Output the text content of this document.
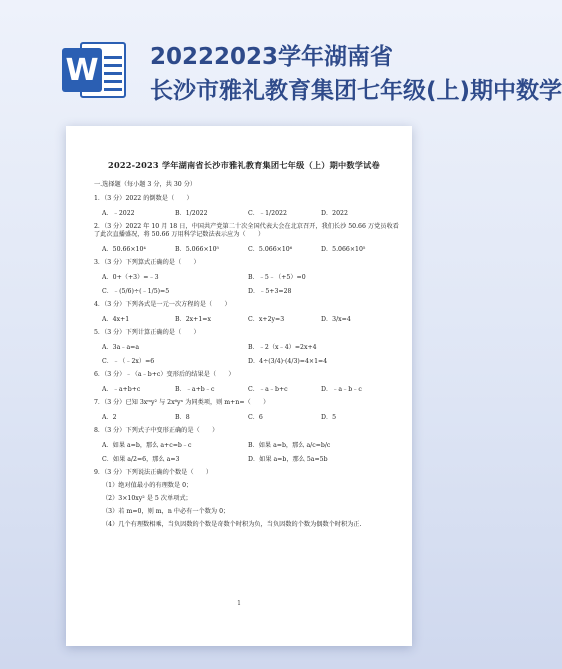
W 20222023学年湖南省
长沙市雅礼教育集团七年级(上)期中数学

2022-2023 学年湖南省长沙市雅礼教育集团七年级（上）期中数学试卷

一.选择题（每小题 3 分，共 30 分）

1．（3 分）2022 的倒数是（　　）

A．﹣2022	B．1/2022	C．﹣1/2022	D．2022

2．（3 分）2022 年 10 月 18 日，中国共产党第二十次全国代表大会在北京召开，我们长沙 50.66 万党员收看

了此次直播盛况，将 50.66 万用科学记数法表示应为（　　）

A．50.66×10⁴	B．5.066×10⁵	C．5.066×10⁶	D．5.066×10⁵

3．（3 分）下列算式正确的是（　　）

A．0+（+3）=﹣3	B．﹣5﹣（+5）=0
C．﹣(5/6)÷(﹣1/5)=5	D．﹣5+3=28

4．（3 分）下列各式是一元一次方程的是（　　）

A．4x+1	B．2x+1=x	C．x+2y=3	D．3/x=4

5．（3 分）下列计算正确的是（　　）

A．3a﹣a=a	B．﹣2（x﹣4）=2x+4
C．﹣（﹣2x）=6	D．4÷(3/4)·(4/3)=4×1=4

6．（3 分）﹣（a﹣b+c）变形后的结果是（　　）

A．﹣a+b+c	B．﹣a+b﹣c	C．﹣a﹣b+c	D．﹣a﹣b﹣c

7．（3 分）已知 3xᵐy² 与 2x⁶yⁿ 为同类项，则 m+n=（　　）

A．2	B．8	C．6	D．5

8．（3 分）下列式子中变形正确的是（　　）

A．如果 a=b，那么 a+c=b﹣c	B．如果 a=b，那么 a/c=b/c
C．如果 a/2=6，那么 a=3	D．如果 a=b，那么 5a=5b

9．（3 分）下列说法正确的个数是（　　）

（1）绝对值最小的有理数是 0；

（2）3×10xy² 是 5 次单项式；

（3）若 m=0，则 m，n 中必有一个数为 0；

（4）几个有理数相乘，当负因数的个数是奇数个时积为负，当负因数的个数为偶数个时积为正.

1
